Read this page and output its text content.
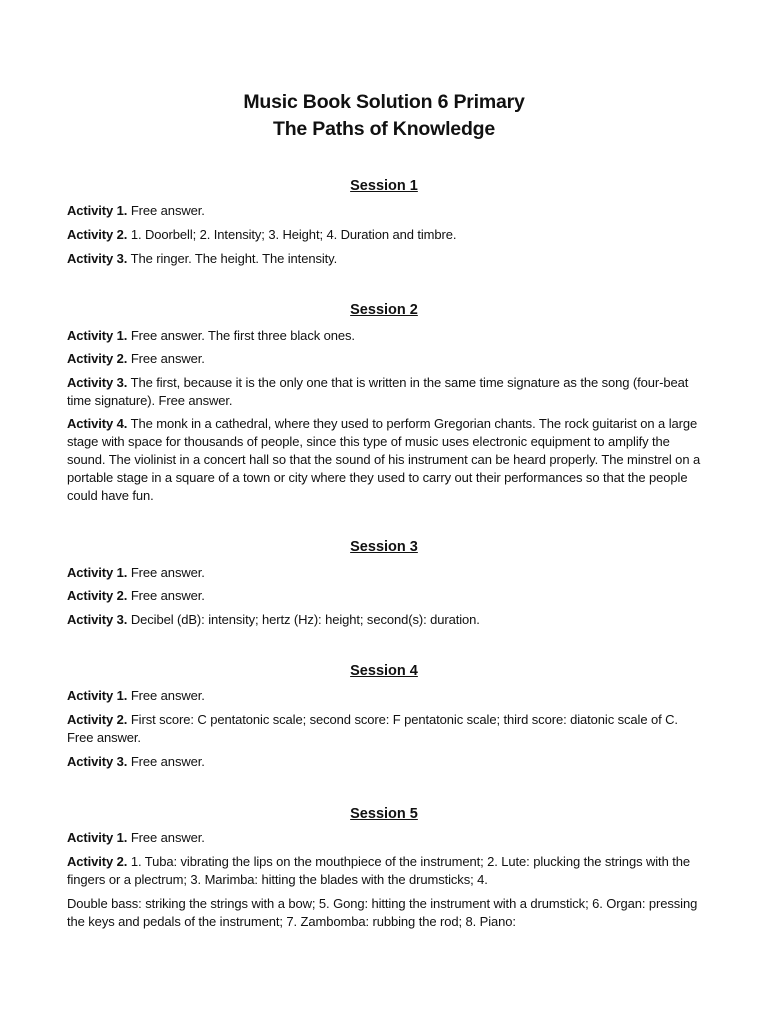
Music Book Solution 6 Primary
The Paths of Knowledge
Session 1
Activity 1. Free answer.
Activity 2. 1. Doorbell; 2. Intensity; 3. Height; 4. Duration and timbre.
Activity 3. The ringer. The height. The intensity.
Session 2
Activity 1. Free answer. The first three black ones.
Activity 2. Free answer.
Activity 3. The first, because it is the only one that is written in the same time signature as the song (four-beat time signature). Free answer.
Activity 4. The monk in a cathedral, where they used to perform Gregorian chants. The rock guitarist on a large stage with space for thousands of people, since this type of music uses electronic equipment to amplify the sound. The violinist in a concert hall so that the sound of his instrument can be heard properly. The minstrel on a portable stage in a square of a town or city where they used to carry out their performances so that the people could have fun.
Session 3
Activity 1. Free answer.
Activity 2. Free answer.
Activity 3. Decibel (dB): intensity; hertz (Hz): height; second(s): duration.
Session 4
Activity 1. Free answer.
Activity 2. First score: C pentatonic scale; second score: F pentatonic scale; third score: diatonic scale of C. Free answer.
Activity 3. Free answer.
Session 5
Activity 1. Free answer.
Activity 2. 1. Tuba: vibrating the lips on the mouthpiece of the instrument; 2. Lute: plucking the strings with the fingers or a plectrum; 3. Marimba: hitting the blades with the drumsticks; 4.
Double bass: striking the strings with a bow; 5. Gong: hitting the instrument with a drumstick; 6. Organ: pressing the keys and pedals of the instrument; 7. Zambomba: rubbing the rod; 8. Piano:
